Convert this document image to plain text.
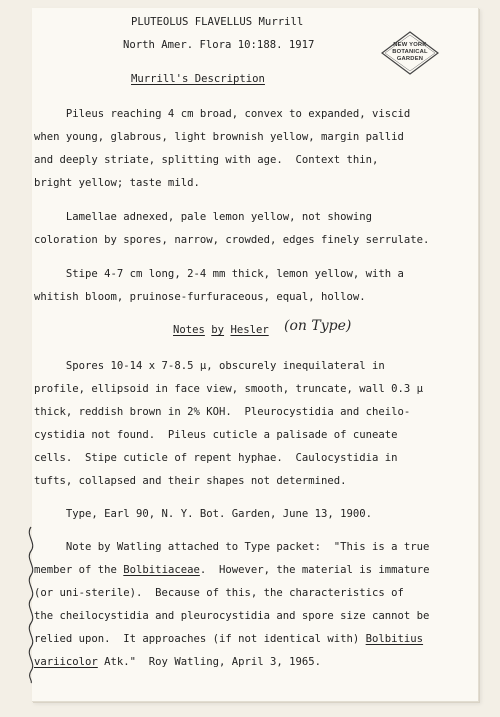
NEW YORK
BOTANICAL
GARDEN
PLUTEOLUS FLAVELLUS Murrill
North Amer. Flora 10:188. 1917
Murrill's Description
Pileus reaching 4 cm broad, convex to expanded, viscid
when young, glabrous, light brownish yellow, margin pallid
and deeply striate, splitting with age.  Context thin,
bright yellow; taste mild.
Lamellae adnexed, pale lemon yellow, not showing
coloration by spores, narrow, crowded, edges finely serrulate.
Stipe 4-7 cm long, 2-4 mm thick, lemon yellow, with a
whitish bloom, pruinose-furfuraceous, equal, hollow.
Notes by Hesler (on Type)
Spores 10-14 x 7-8.5 µ, obscurely inequilateral in
profile, ellipsoid in face view, smooth, truncate, wall 0.3 µ
thick, reddish brown in 2% KOH.  Pleurocystidia and cheilo-
cystidia not found.  Pileus cuticle a palisade of cuneate
cells.  Stipe cuticle of repent hyphae.  Caulocystidia in
tufts, collapsed and their shapes not determined.
Type, Earl 90, N. Y. Bot. Garden, June 13, 1900.
Note by Watling attached to Type packet:  "This is a true
member of the Bolbitiaceae.  However, the material is immature
(or uni-sterile).  Because of this, the characteristics of
the cheilocystidia and pleurocystidia and spore size cannot be
relied upon.  It approaches (if not identical with) Bolbitius
variicolor Atk."  Roy Watling, April 3, 1965.
